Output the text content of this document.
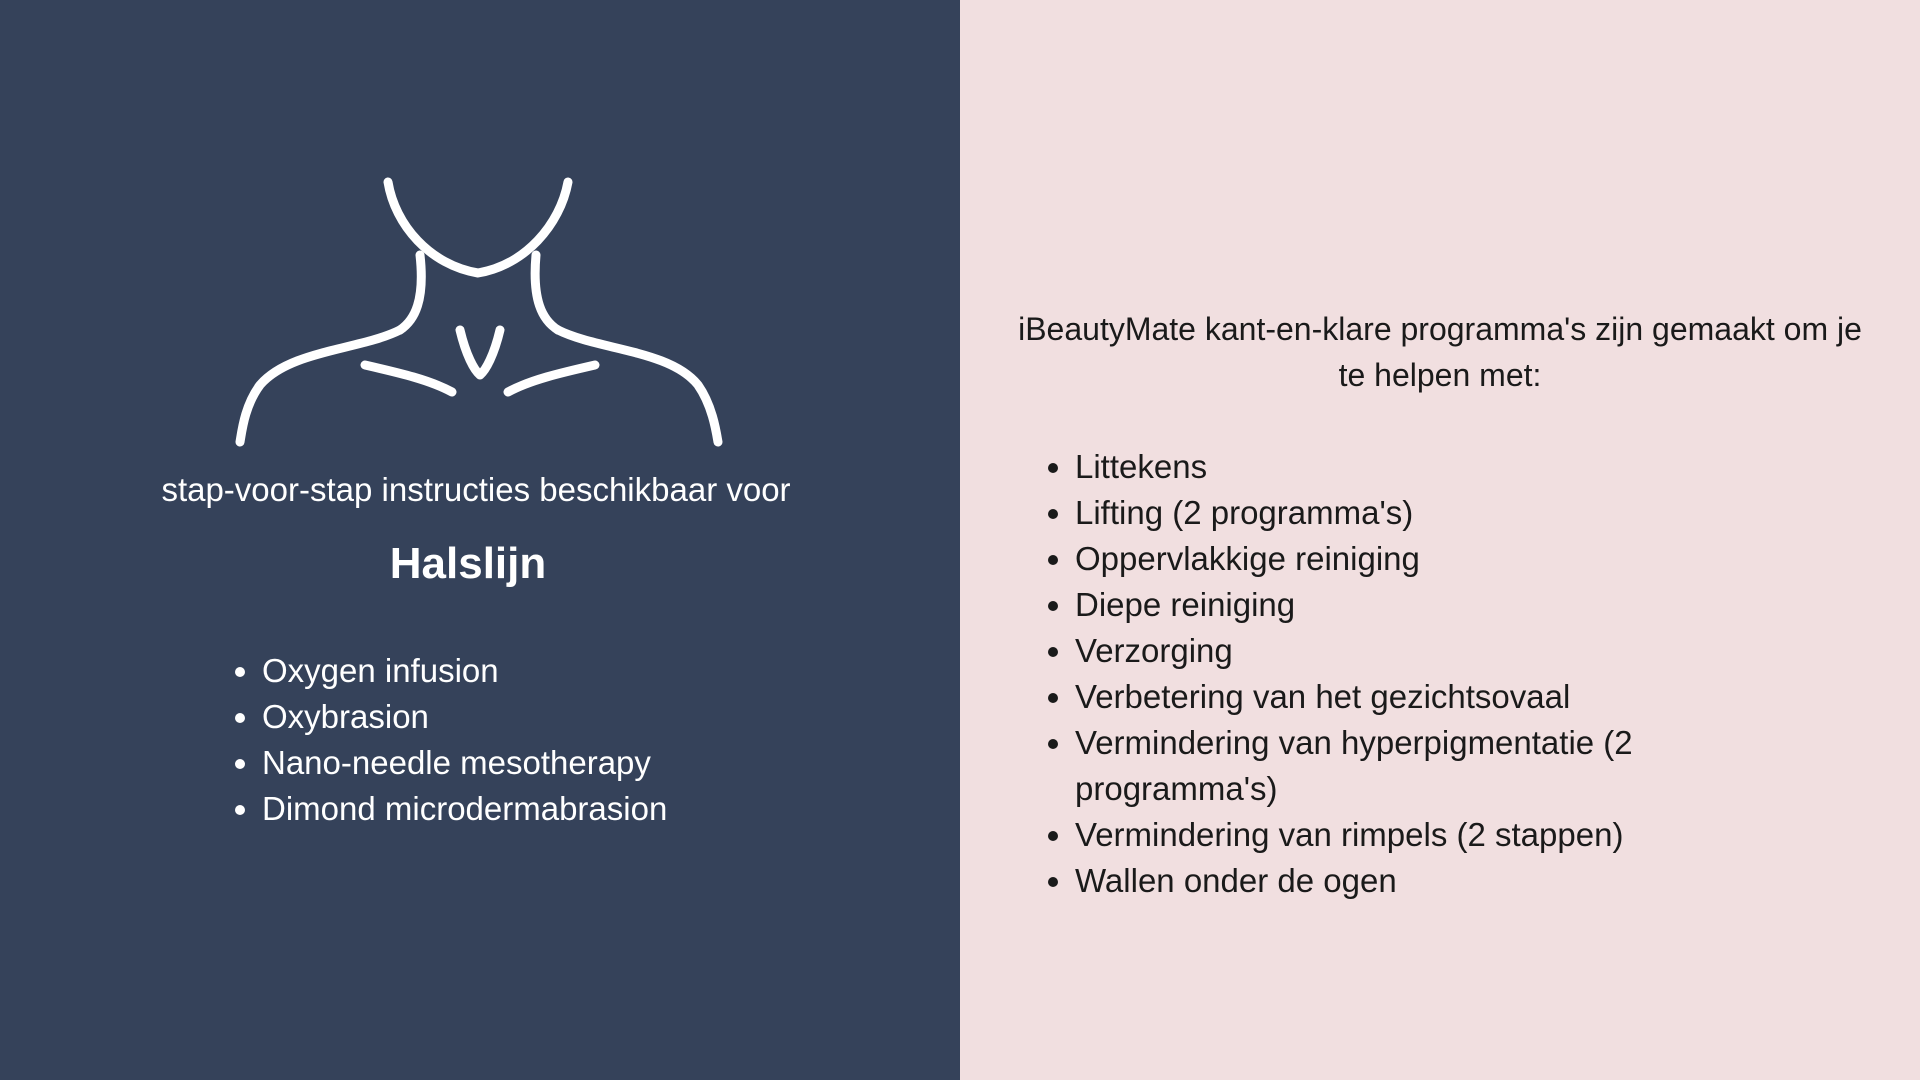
stap-voor-stap instructies beschikbaar voor
Halslijn
• Oxygen infusion
• Oxybrasion
• Nano-needle mesotherapy
• Dimond microdermabrasion
iBeautyMate kant-en-klare programma's zijn gemaakt om je te helpen met:
• Littekens
• Lifting (2 programma's)
• Oppervlakkige reiniging
• Diepe reiniging
• Verzorging
• Verbetering van het gezichtsovaal
• Vermindering van hyperpigmentatie (2 programma's)
• Vermindering van rimpels (2 stappen)
• Wallen onder de ogen
